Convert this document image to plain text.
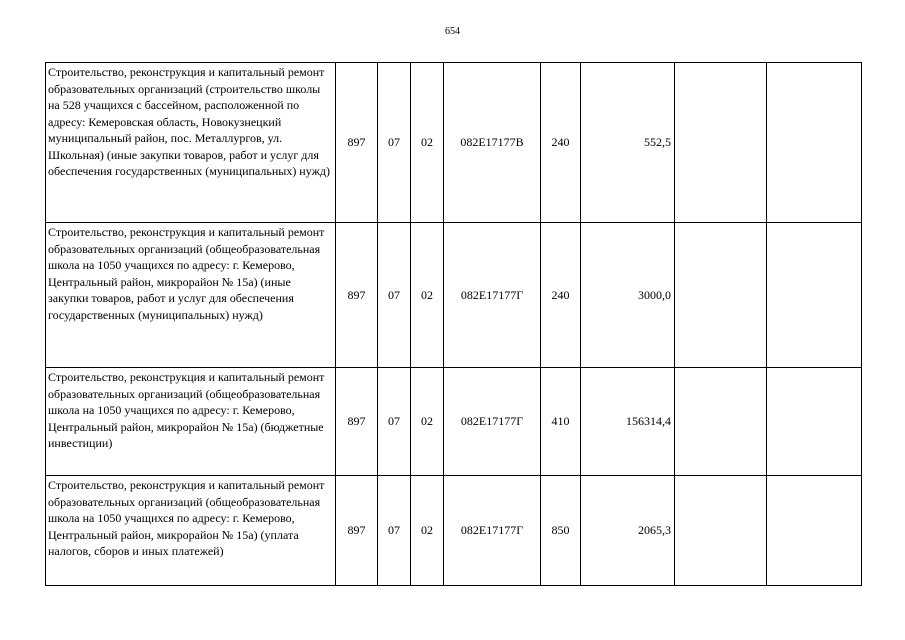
654
Строительство, реконструкция и капитальный ремонт образовательных организаций (строительство школы на 528 учащихся с бассейном, расположенной по адресу: Кемеровская область, Новокузнецкий муниципальный район, пос. Металлургов, ул. Школьная) (иные закупки товаров, работ и услуг для обеспечения государственных (муниципальных) нужд)	897	07	02	082E17177В	240	552,5		
Строительство, реконструкция и капитальный ремонт образовательных организаций (общеобразовательная школа на 1050 учащихся по адресу: г. Кемерово, Центральный район, микрорайон № 15а) (иные закупки товаров, работ и услуг для обеспечения государственных (муниципальных) нужд)	897	07	02	082E17177Г	240	3000,0		
Строительство, реконструкция и капитальный ремонт образовательных организаций (общеобразовательная школа на 1050 учащихся по адресу: г. Кемерово, Центральный район, микрорайон № 15а) (бюджетные инвестиции)	897	07	02	082E17177Г	410	156314,4		
Строительство, реконструкция и капитальный ремонт образовательных организаций (общеобразовательная школа на 1050 учащихся по адресу: г. Кемерово, Центральный район, микрорайон № 15а) (уплата налогов, сборов и иных платежей)	897	07	02	082E17177Г	850	2065,3		
